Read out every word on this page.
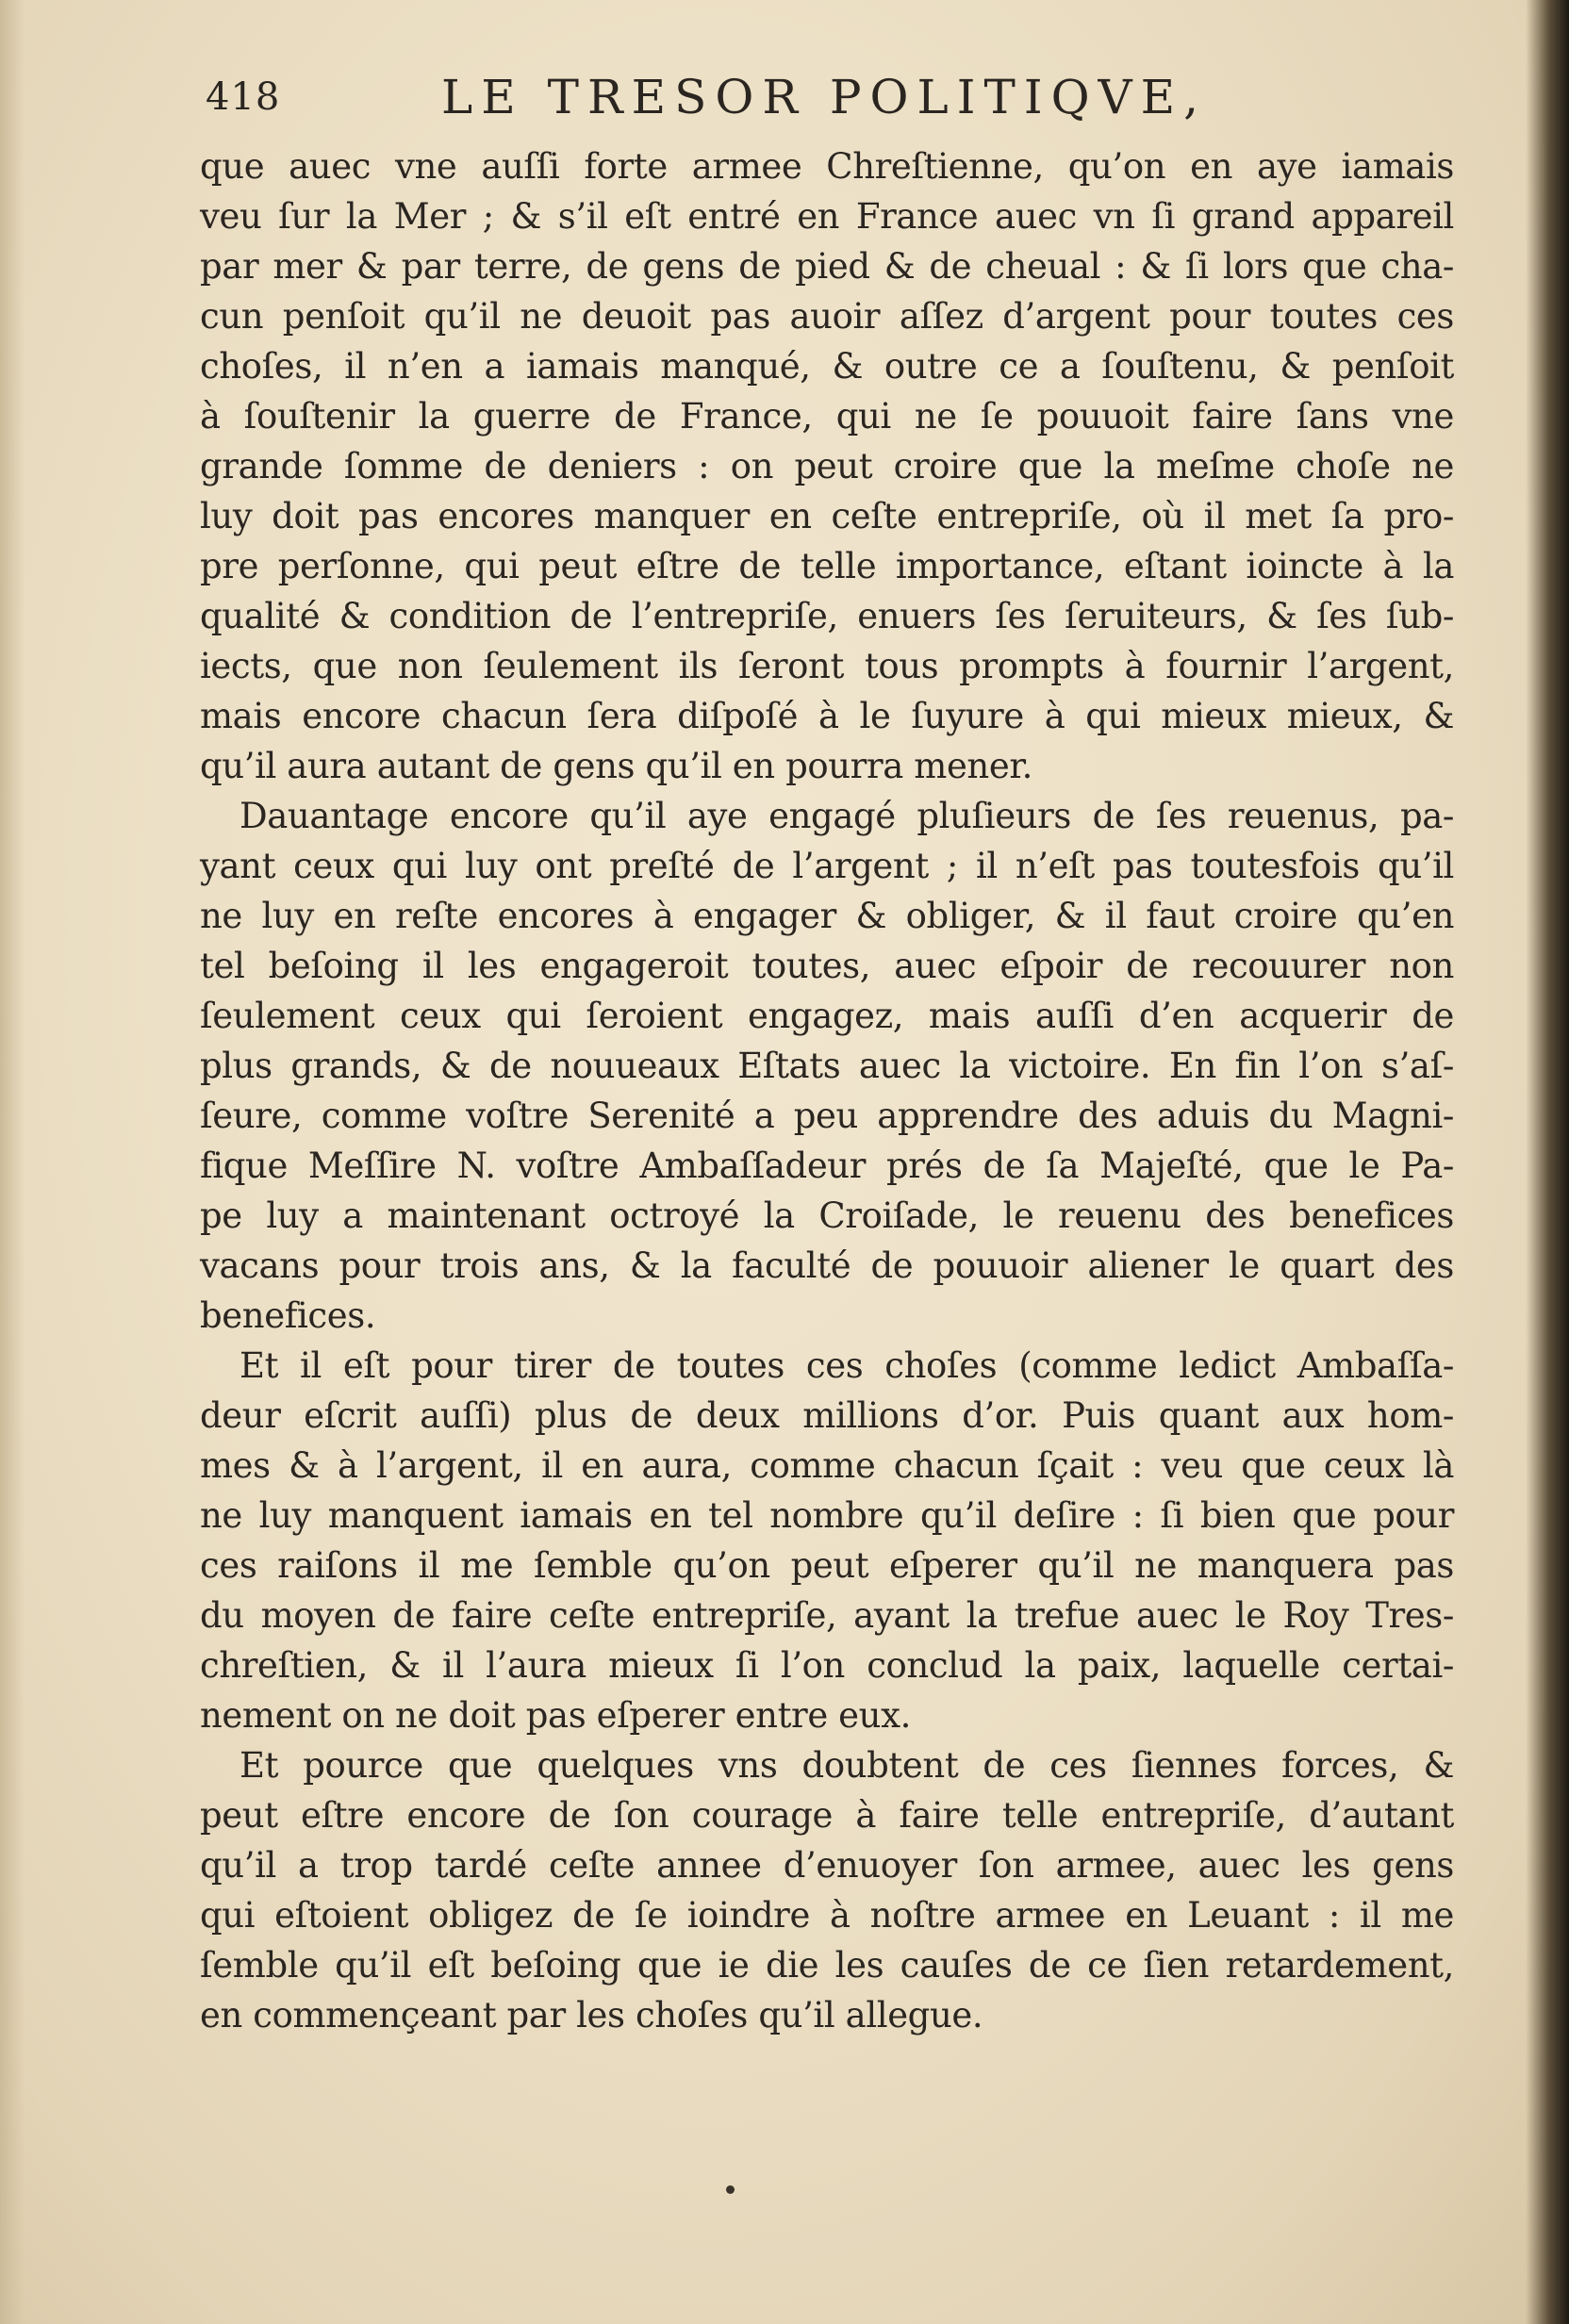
418	LE TRESOR POLITIQVE,
que auec vne auſſi forte armee Chreſtienne, qu’on en aye iamais
veu ſur la Mer ; & s’il eſt entré en France auec vn ſi grand appareil
par mer & par terre, de gens de pied & de cheual : & ſi lors que cha-
cun penſoit qu’il ne deuoit pas auoir aſſez d’argent pour toutes ces
choſes, il n’en a iamais manqué, & outre ce a ſouſtenu, & penſoit
à ſouſtenir la guerre de France, qui ne ſe pouuoit faire ſans vne
grande ſomme de deniers : on peut croire que la meſme choſe ne
luy doit pas encores manquer en ceſte entrepriſe, où il met ſa pro-
pre perſonne, qui peut eſtre de telle importance, eſtant ioincte à la
qualité & condition de l’entrepriſe, enuers ſes ſeruiteurs, & ſes ſub-
iects, que non ſeulement ils ſeront tous prompts à fournir l’argent,
mais encore chacun ſera diſpoſé à le ſuyure à qui mieux mieux, &
qu’il aura autant de gens qu’il en pourra mener.
Dauantage encore qu’il aye engagé pluſieurs de ſes reuenus, pa-
yant ceux qui luy ont preſté de l’argent ; il n’eſt pas toutesfois qu’il
ne luy en reſte encores à engager & obliger, & il faut croire qu’en
tel beſoing il les engageroit toutes, auec eſpoir de recouurer non
ſeulement ceux qui ſeroient engagez, mais auſſi d’en acquerir de
plus grands, & de nouueaux Eſtats auec la victoire. En fin l’on s’aſ-
ſeure, comme voſtre Serenité a peu apprendre des aduis du Magni-
fique Meſſire N. voſtre Ambaſſadeur prés de ſa Majeſté, que le Pa-
pe luy a maintenant octroyé la Croiſade, le reuenu des benefices
vacans pour trois ans, & la faculté de pouuoir aliener le quart des
benefices.
Et il eſt pour tirer de toutes ces choſes (comme ledict Ambaſſa-
deur eſcrit auſſi) plus de deux millions d’or. Puis quant aux hom-
mes & à l’argent, il en aura, comme chacun ſçait : veu que ceux là
ne luy manquent iamais en tel nombre qu’il deſire : ſi bien que pour
ces raiſons il me ſemble qu’on peut eſperer qu’il ne manquera pas
du moyen de faire ceſte entrepriſe, ayant la trefue auec le Roy Tres-
chreſtien, & il l’aura mieux ſi l’on conclud la paix, laquelle certai-
nement on ne doit pas eſperer entre eux.
Et pource que quelques vns doubtent de ces ſiennes forces, &
peut eſtre encore de ſon courage à faire telle entrepriſe, d’autant
qu’il a trop tardé ceſte annee d’enuoyer ſon armee, auec les gens
qui eſtoient obligez de ſe ioindre à noſtre armee en Leuant : il me
ſemble qu’il eſt beſoing que ie die les cauſes de ce ſien retardement,
en commençeant par les choſes qu’il allegue.
